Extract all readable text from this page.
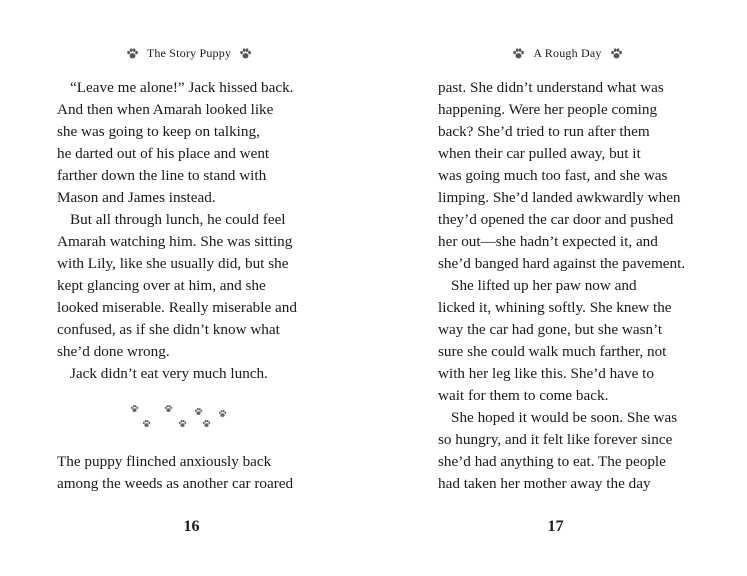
The Story Puppy
“Leave me alone!” Jack hissed back.
And then when Amarah looked like
she was going to keep on talking,
he darted out of his place and went
farther down the line to stand with
Mason and James instead.
But all through lunch, he could feel
Amarah watching him. She was sitting
with Lily, like she usually did, but she
kept glancing over at him, and she
looked miserable. Really miserable and
confused, as if she didn’t know what
she’d done wrong.
Jack didn’t eat very much lunch.
The puppy flinched anxiously back
among the weeds as another car roared
16
A Rough Day
past. She didn’t understand what was
happening. Were her people coming
back? She’d tried to run after them
when their car pulled away, but it
was going much too fast, and she was
limping. She’d landed awkwardly when
they’d opened the car door and pushed
her out—she hadn’t expected it, and
she’d banged hard against the pavement.
She lifted up her paw now and
licked it, whining softly. She knew the
way the car had gone, but she wasn’t
sure she could walk much farther, not
with her leg like this. She’d have to
wait for them to come back.
She hoped it would be soon. She was
so hungry, and it felt like forever since
she’d had anything to eat. The people
had taken her mother away the day
17
